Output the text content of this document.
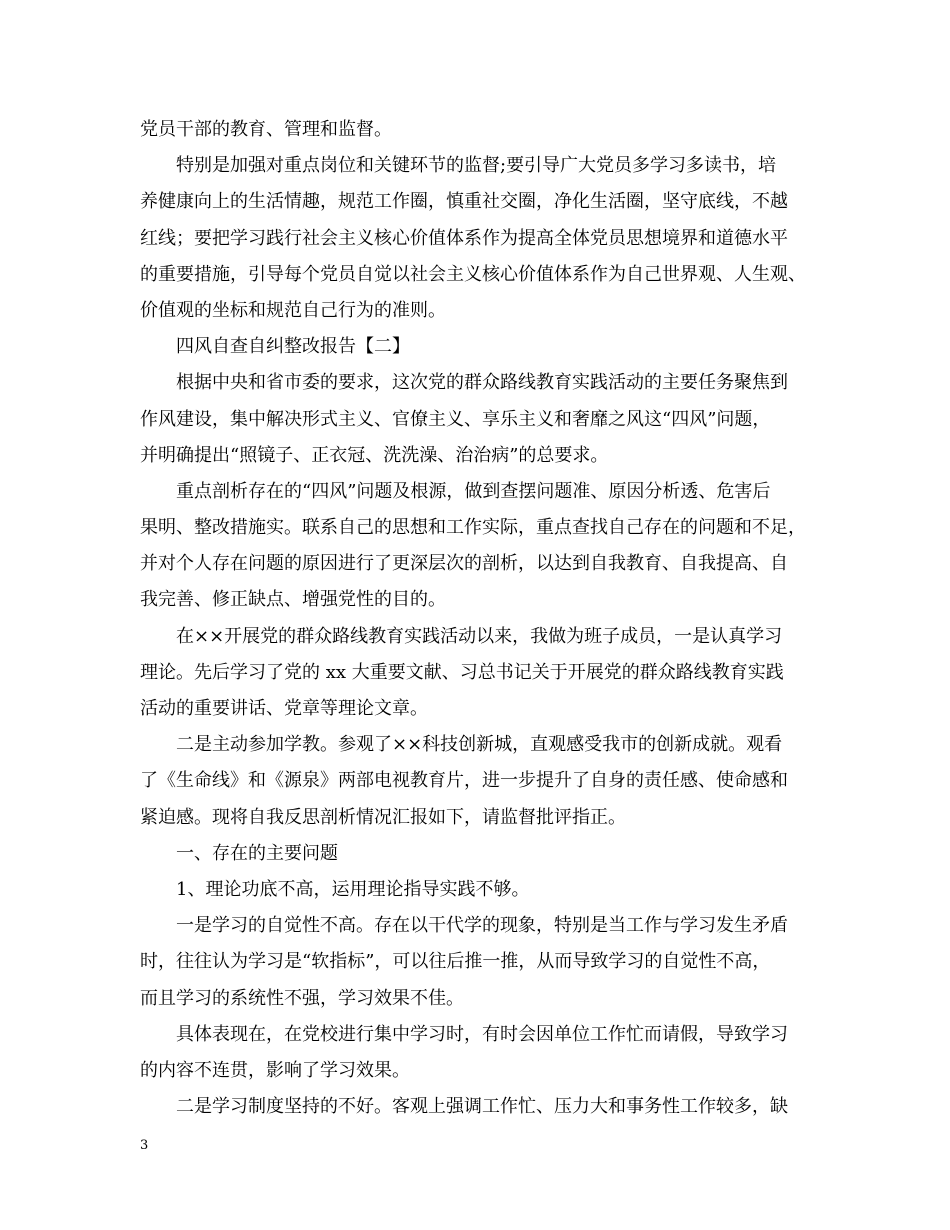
党员干部的教育、管理和监督。
特别是加强对重点岗位和关键环节的监督;要引导广大党员多学习多读书，培
养健康向上的生活情趣，规范工作圈，慎重社交圈，净化生活圈，坚守底线，不越
红线；要把学习践行社会主义核心价值体系作为提高全体党员思想境界和道德水平
的重要措施，引导每个党员自觉以社会主义核心价值体系作为自己世界观、人生观、
价值观的坐标和规范自己行为的准则。
四风自查自纠整改报告【二】
根据中央和省市委的要求，这次党的群众路线教育实践活动的主要任务聚焦到
作风建设，集中解决形式主义、官僚主义、享乐主义和奢靡之风这“四风”问题，
并明确提出“照镜子、正衣冠、洗洗澡、治治病”的总要求。
重点剖析存在的“四风”问题及根源，做到查摆问题准、原因分析透、危害后
果明、整改措施实。联系自己的思想和工作实际，重点查找自己存在的问题和不足，
并对个人存在问题的原因进行了更深层次的剖析，以达到自我教育、自我提高、自
我完善、修正缺点、增强党性的目的。
在××开展党的群众路线教育实践活动以来，我做为班子成员，一是认真学习
理论。先后学习了党的 xx 大重要文献、习总书记关于开展党的群众路线教育实践
活动的重要讲话、党章等理论文章。
二是主动参加学教。参观了××科技创新城，直观感受我市的创新成就。观看
了《生命线》和《源泉》两部电视教育片，进一步提升了自身的责任感、使命感和
紧迫感。现将自我反思剖析情况汇报如下，请监督批评指正。
一、存在的主要问题
1、理论功底不高，运用理论指导实践不够。
一是学习的自觉性不高。存在以干代学的现象，特别是当工作与学习发生矛盾
时，往往认为学习是“软指标”，可以往后推一推，从而导致学习的自觉性不高，
而且学习的系统性不强，学习效果不佳。
具体表现在，在党校进行集中学习时，有时会因单位工作忙而请假，导致学习
的内容不连贯，影响了学习效果。
二是学习制度坚持的不好。客观上强调工作忙、压力大和事务性工作较多，缺
3
